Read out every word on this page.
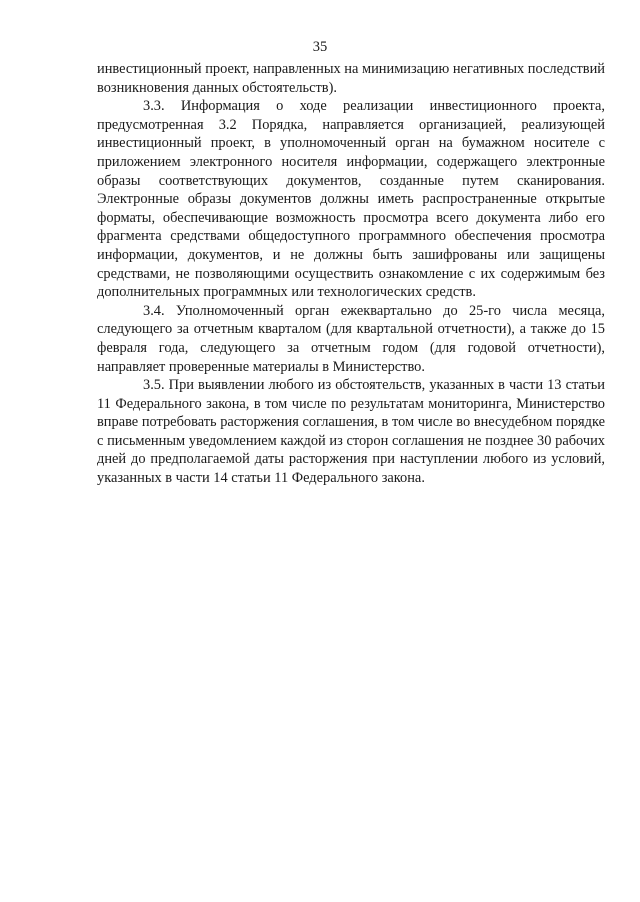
35

инвестиционный проект, направленных на минимизацию негативных последствий возникновения данных обстоятельств).

3.3. Информация о ходе реализации инвестиционного проекта, предусмотренная 3.2 Порядка, направляется организацией, реализующей инвестиционный проект, в уполномоченный орган на бумажном носителе с приложением электронного носителя информации, содержащего электронные образы соответствующих документов, созданные путем сканирования. Электронные образы документов должны иметь распространенные открытые форматы, обеспечивающие возможность просмотра всего документа либо его фрагмента средствами общедоступного программного обеспечения просмотра информации, документов, и не должны быть зашифрованы или защищены средствами, не позволяющими осуществить ознакомление с их содержимым без дополнительных программных или технологических средств.

3.4. Уполномоченный орган ежеквартально до 25-го числа месяца, следующего за отчетным кварталом (для квартальной отчетности), а также до 15 февраля года, следующего за отчетным годом (для годовой отчетности), направляет проверенные материалы в Министерство.

3.5. При выявлении любого из обстоятельств, указанных в части 13 статьи 11 Федерального закона, в том числе по результатам мониторинга, Министерство вправе потребовать расторжения соглашения, в том числе во внесудебном порядке с письменным уведомлением каждой из сторон соглашения не позднее 30 рабочих дней до предполагаемой даты расторжения при наступлении любого из условий, указанных в части 14 статьи 11 Федерального закона.
